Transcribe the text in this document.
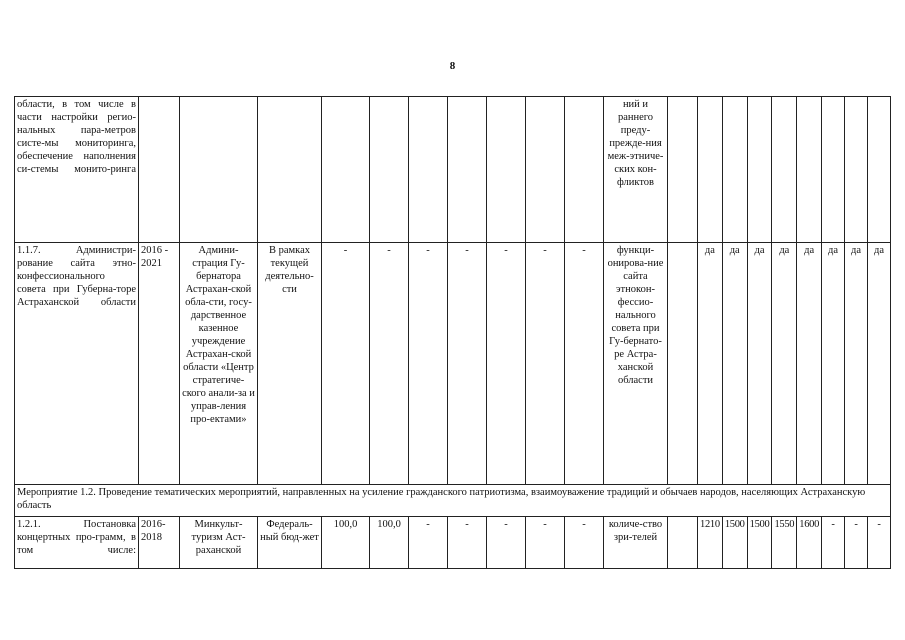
8
области, в том числе в части настройки регио-нальных пара-метров систе-мы мониторинга, обеспечение наполнения си-стемы монито-ринга											ний и раннего преду-прежде-ния меж-этниче-ских кон-фликтов									
1.1.7. Администри-рование сайта этно-конфессионального совета при Губерна-торе Астраханской области	2016 - 2021	Админи-страция Гу-бернатора Астрахан-ской обла-сти, госу-дарственное казенное учреждение Астрахан-ской области «Центр стратегиче-ского анали-за и управ-ления про-ектами»	В рамках текущей деятельно-сти	-	-	-	-	-	-	-	функци-онирова-ние сайта этнокон-фессио-нального совета при Гу-бернато-ре Астра-ханской области		да	да	да	да	да	да	да	да
Мероприятие 1.2. Проведение тематических мероприятий, направленных на усиление гражданского патриотизма, взаимоуважение традиций и обычаев народов, населяющих Астраханскую область																				
1.2.1. Постановка концертных про-грамм, в том числе:	2016- 2018	Минкульт-туризм Аст-раханской	Федераль-ный бюд-жет	100,0	100,0	-	-	-	-	-	количе-ство зри-телей		1210	1500	1500	1550	1600	-	-	-
